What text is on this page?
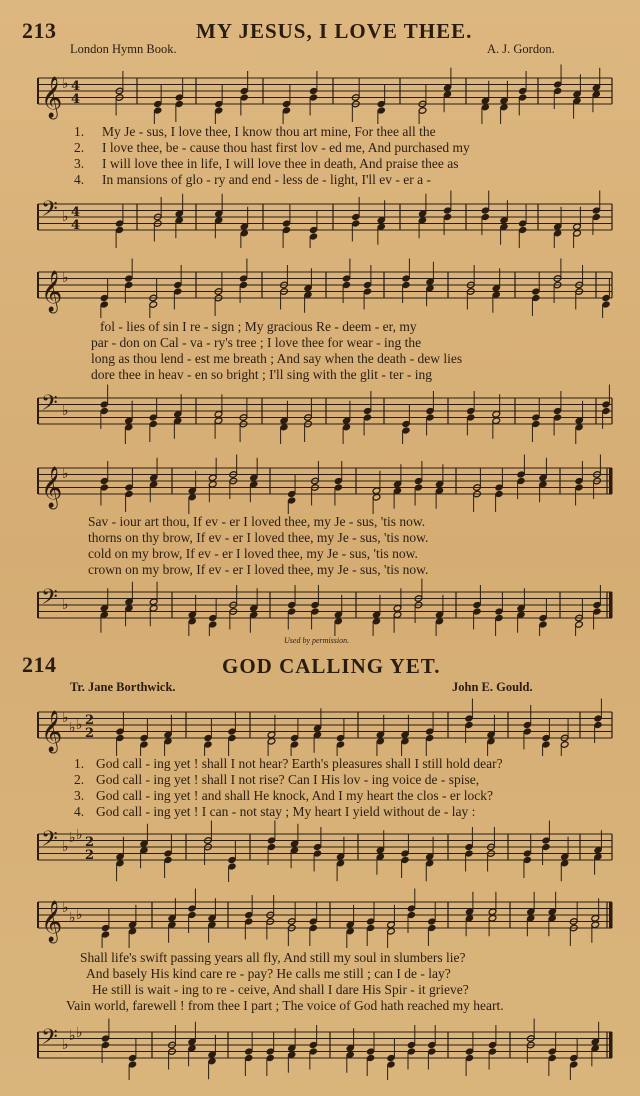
213	MY JESUS, I LOVE THEE.
London Hymn Book.	A. J. Gordon.
𝄞 ♭ 4
4
1. My Je - sus, I love thee, I know thou art mine, For thee all the
2. I love thee, be - cause thou hast first lov - ed me, And purchased my
3. I will love thee in life, I will love thee in death, And praise thee as
4. In mansions of glo - ry and end - less de - light, I'll ev - er a -
𝄢 ♭ 4
4
𝄞 ♭
fol - lies of sin I re - sign ; My gracious Re - deem - er, my
par - don on Cal - va - ry's tree ; I love thee for wear - ing the
long as thou lend - est me breath ; And say when the death - dew lies
dore thee in heav - en so bright ; I'll sing with the glit - ter - ing
𝄢 ♭
𝄞 ♭
Sav - iour art thou, If ev - er I loved thee, my Je - sus, 'tis now.
thorns on thy brow, If ev - er I loved thee, my Je - sus, 'tis now.
cold on my brow, If ev - er I loved thee, my Je - sus, 'tis now.
crown on my brow, If ev - er I loved thee, my Je - sus, 'tis now.
𝄢 ♭
Used by permission.
214	GOD CALLING YET.
Tr. Jane Borthwick.	John E. Gould.
𝄞 ♭
♭ ♭ 2
2
1. God call - ing yet ! shall I not hear? Earth's pleasures shall I still hold dear?
2. God call - ing yet ! shall I not rise? Can I His lov - ing voice de - spise,
3. God call - ing yet ! and shall He knock, And I my heart the clos - er lock?
4. God call - ing yet ! I can - not stay ; My heart I yield without de - lay :
𝄢 ♭
♭ ♭ 2
2
𝄞 ♭
♭ ♭
Shall life's swift passing years all fly, And still my soul in slumbers lie?
And basely His kind care re - pay? He calls me still ; can I de - lay?
He still is wait - ing to re - ceive, And shall I dare His Spir - it grieve?
Vain world, farewell ! from thee I part ; The voice of God hath reached my heart.
𝄢 ♭
♭ ♭
